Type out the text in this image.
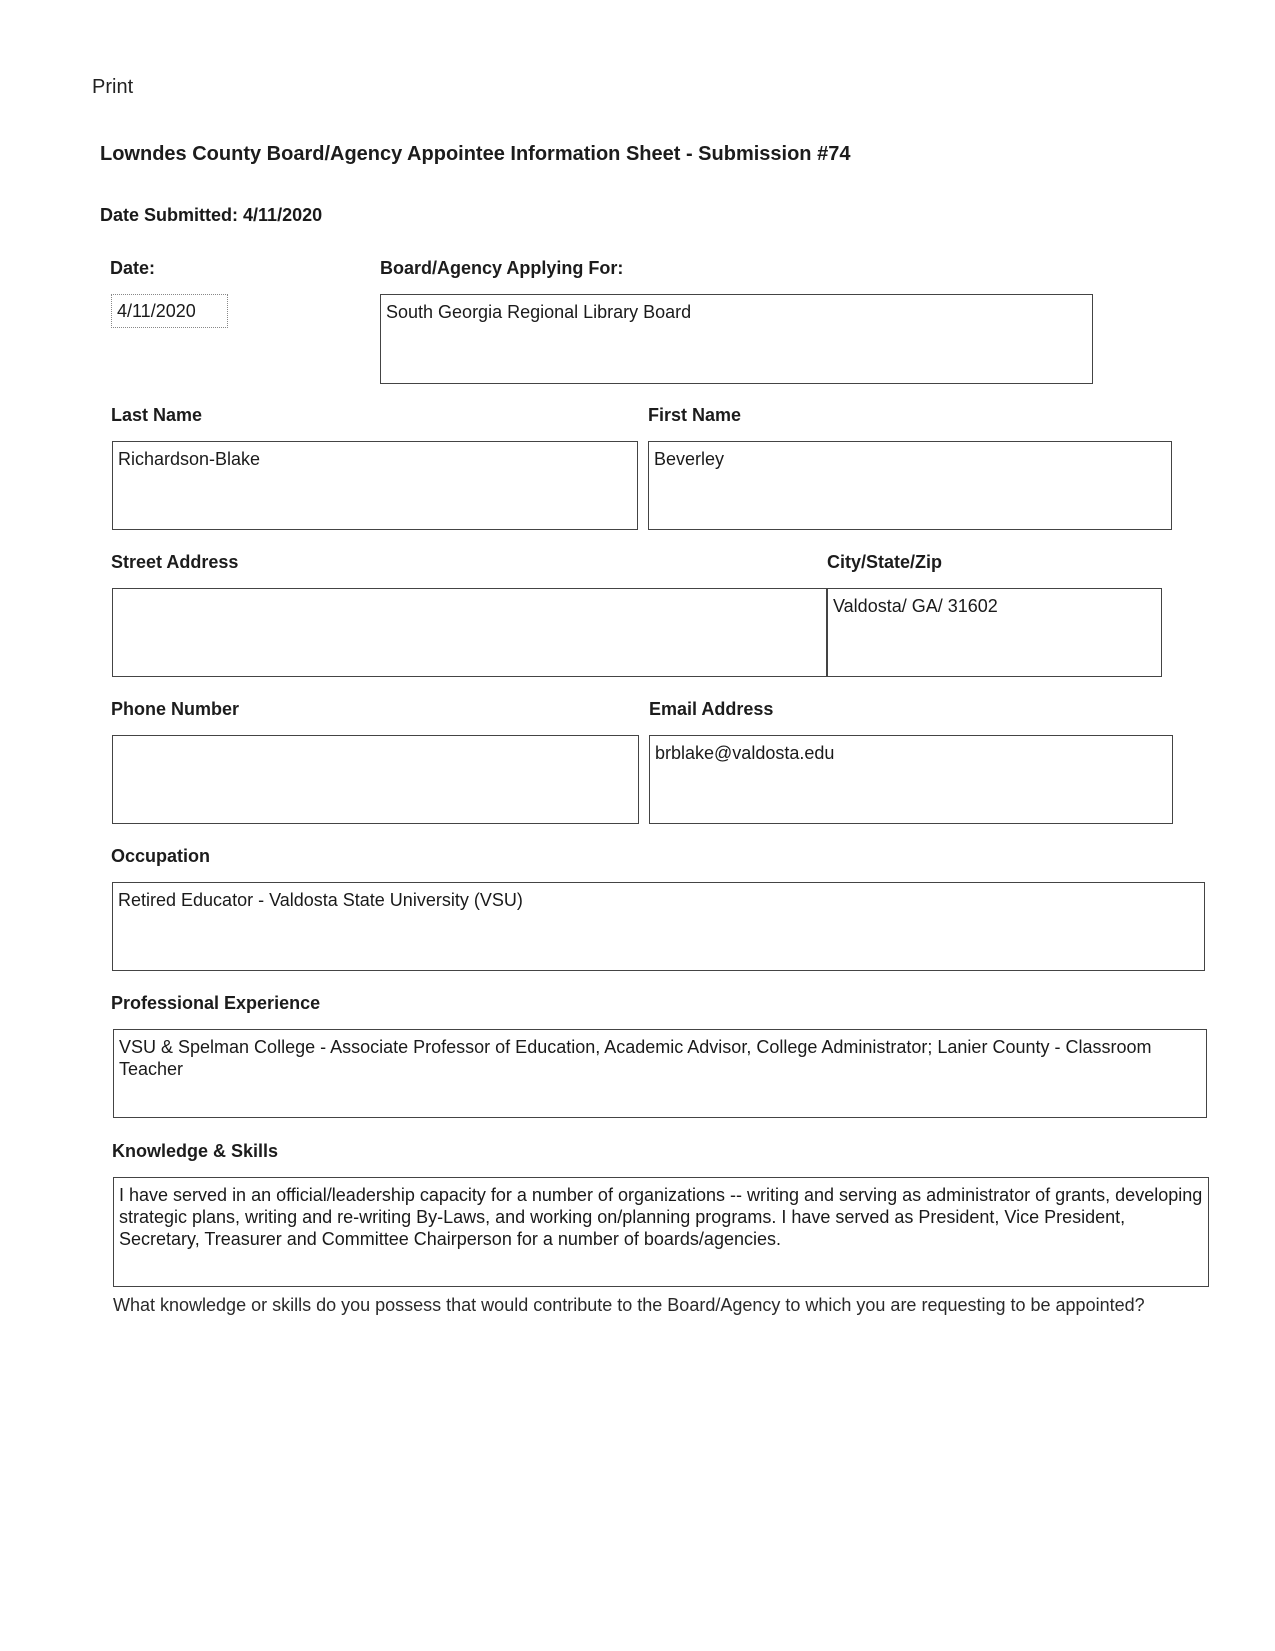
Print
Lowndes County Board/Agency Appointee Information Sheet - Submission #74
Date Submitted: 4/11/2020
Date:
4/11/2020
Board/Agency Applying For:
South Georgia Regional Library Board
Last Name
Richardson-Blake
First Name
Beverley
Street Address	City/State/Zip
Valdosta/ GA/ 31602
Phone Number	Email Address
brblake@valdosta.edu
Occupation
Retired Educator - Valdosta State University (VSU)
Professional Experience
VSU & Spelman College - Associate Professor of Education, Academic Advisor, College Administrator; Lanier County - Classroom Teacher
Knowledge & Skills
I have served in an official/leadership capacity for a number of organizations -- writing and serving as administrator of grants, developing strategic plans, writing and re-writing By-Laws, and working on/planning programs. I have served as President, Vice President, Secretary, Treasurer and Committee Chairperson for a number of boards/agencies.
What knowledge or skills do you possess that would contribute to the Board/Agency to which you are requesting to be appointed?
